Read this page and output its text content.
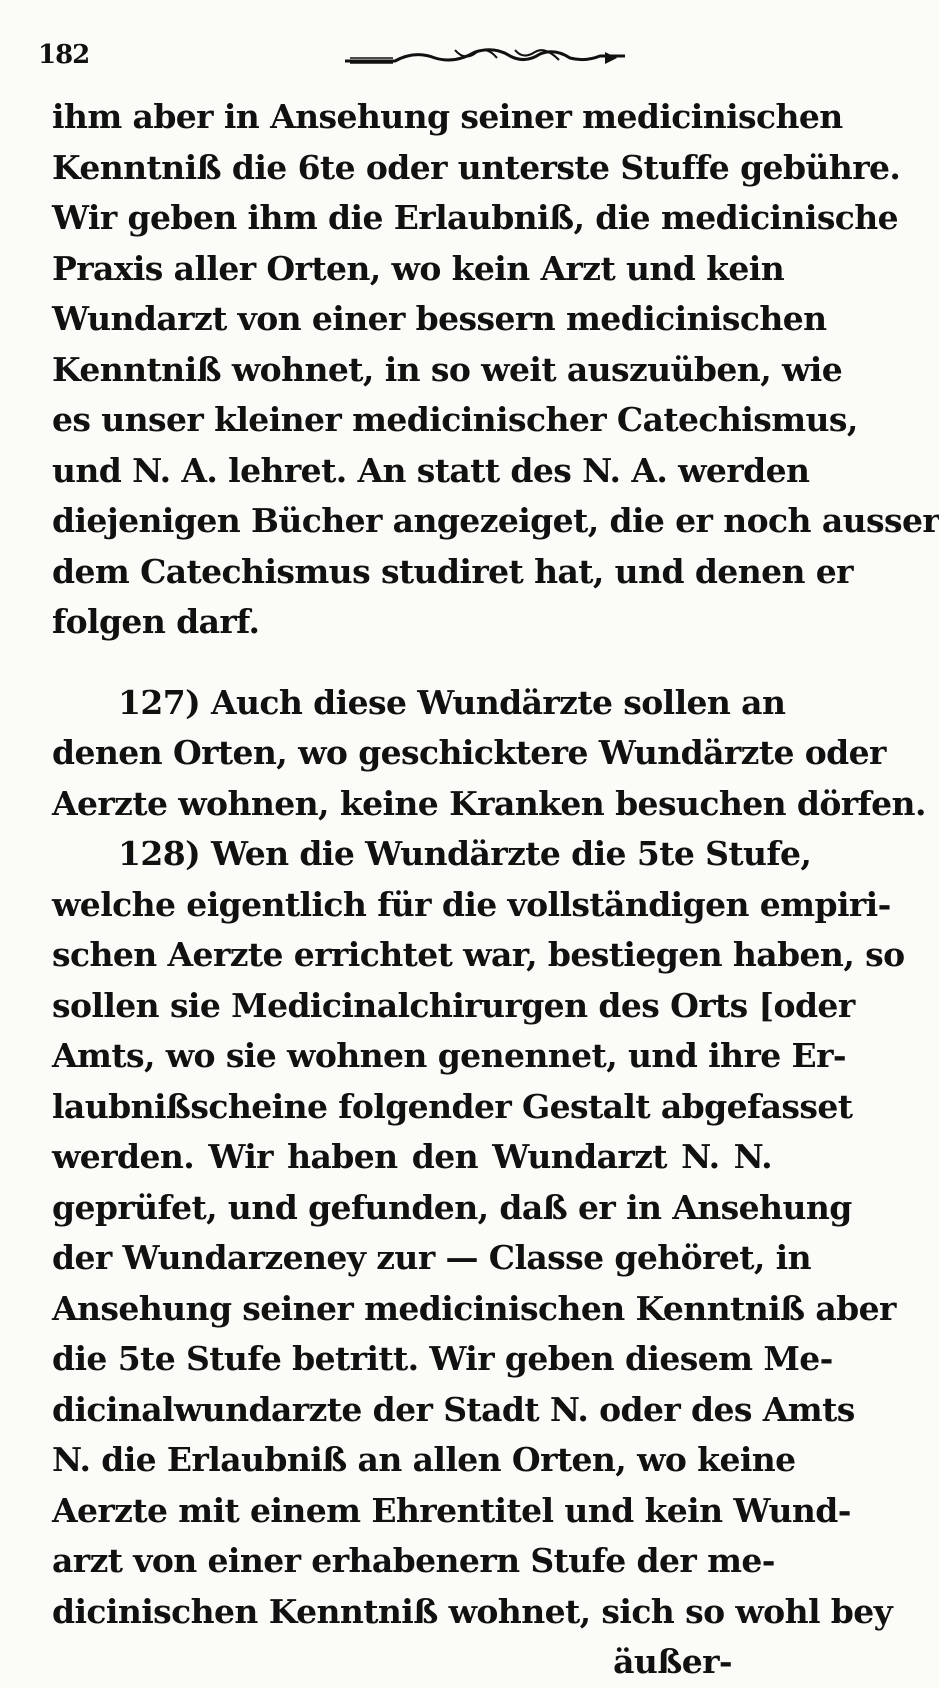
182
ihm aber in Ansehung seiner medicinischen
Kenntniß die 6te oder unterste Stuffe gebühre.
Wir geben ihm die Erlaubniß, die medicinische
Praxis aller Orten, wo kein Arzt und kein
Wundarzt von einer bessern medicinischen
Kenntniß wohnet, in so weit auszuüben, wie
es unser kleiner medicinischer Catechismus,
und N. A. lehret. An statt des N. A. werden
diejenigen Bücher angezeiget, die er noch ausser
dem Catechismus studiret hat, und denen er
folgen darf.
127) Auch diese Wundärzte sollen an
denen Orten, wo geschicktere Wundärzte oder
Aerzte wohnen, keine Kranken besuchen dörfen.
128) Wen die Wundärzte die 5te Stufe,
welche eigentlich für die vollständigen empiri-
schen Aerzte errichtet war, bestiegen haben, so
sollen sie Medicinalchirurgen des Orts [oder
Amts, wo sie wohnen genennet, und ihre Er-
laubnißscheine folgender Gestalt abgefasset
werden. Wir haben den Wundarzt N. N.
geprüfet, und gefunden, daß er in Ansehung
der Wundarzeney zur — Classe gehöret, in
Ansehung seiner medicinischen Kenntniß aber
die 5te Stufe betritt. Wir geben diesem Me-
dicinalwundarzte der Stadt N. oder des Amts
N. die Erlaubniß an allen Orten, wo keine
Aerzte mit einem Ehrentitel und kein Wund-
arzt von einer erhabenern Stufe der me-
dicinischen Kenntniß wohnet, sich so wohl bey
äußer-
